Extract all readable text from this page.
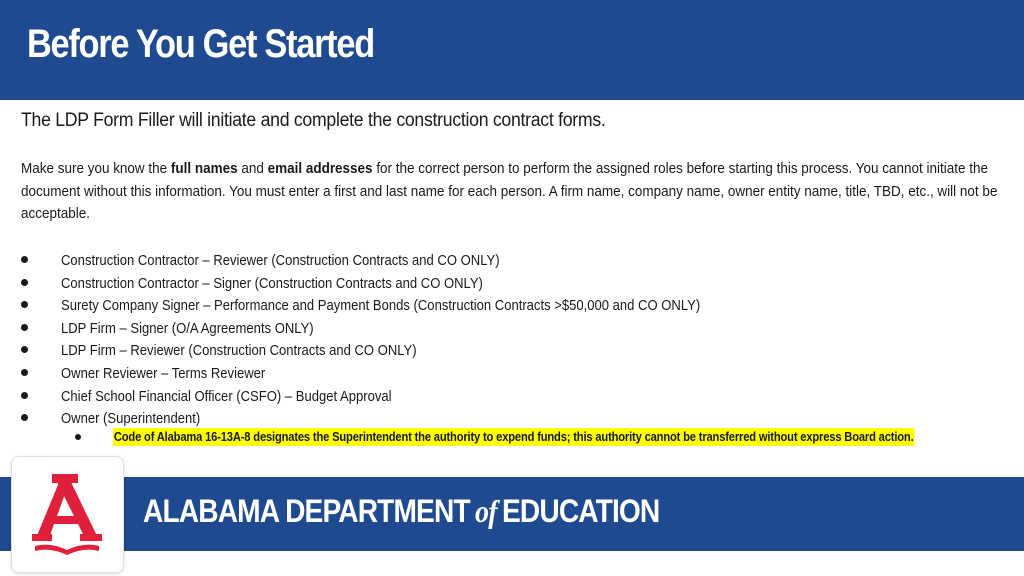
Before You Get Started
The LDP Form Filler will initiate and complete the construction contract forms.
Make sure you know the full names and email addresses for the correct person to perform the assigned roles before starting this process. You cannot initiate the document without this information. You must enter a first and last name for each person. A firm name, company name, owner entity name, title, TBD, etc., will not be acceptable.
Construction Contractor – Reviewer (Construction Contracts and CO ONLY)
Construction Contractor – Signer (Construction Contracts and CO ONLY)
Surety Company Signer – Performance and Payment Bonds (Construction Contracts >$50,000 and CO ONLY)
LDP Firm – Signer (O/A Agreements ONLY)
LDP Firm – Reviewer (Construction Contracts and CO ONLY)
Owner Reviewer – Terms Reviewer
Chief School Financial Officer (CSFO) – Budget Approval
Owner (Superintendent)
Code of Alabama 16-13A-8 designates the Superintendent the authority to expend funds; this authority cannot be transferred without express Board action.
ALABAMA DEPARTMENT of EDUCATION
